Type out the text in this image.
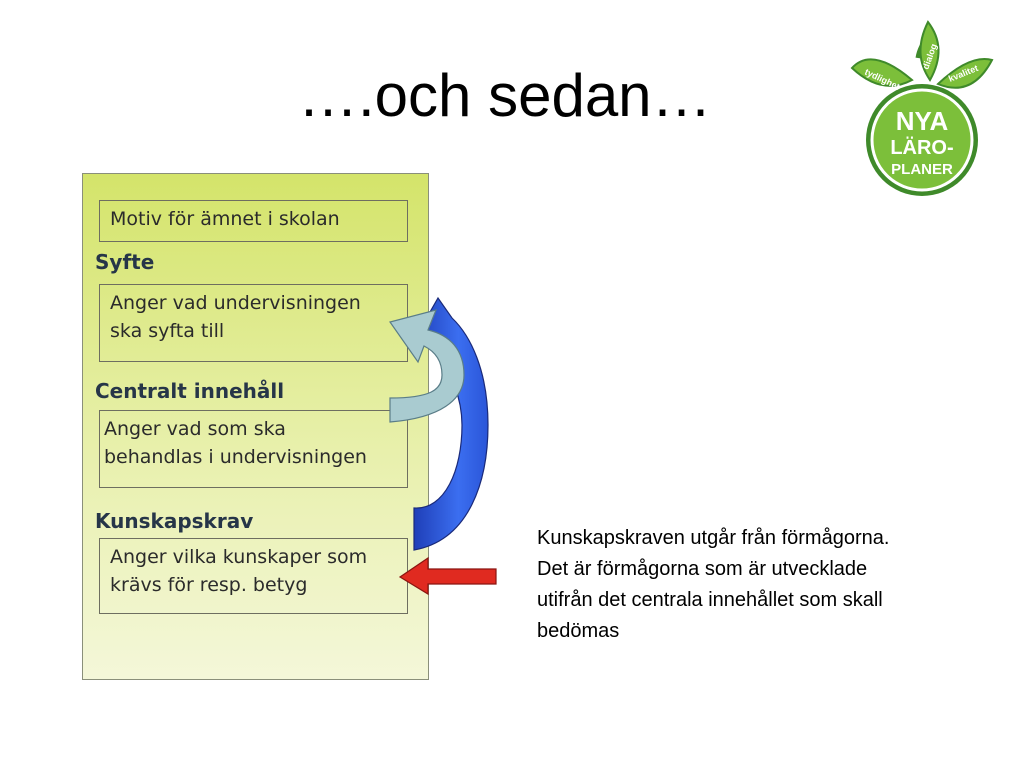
….och sedan…
Motiv för ämnet i skolan
Syfte
Anger vad undervisningen
ska syfta till
Centralt innehåll
Anger vad som ska
behandlas i undervisningen
Kunskapskrav
Anger vilka kunskaper som
krävs för resp. betyg
Kunskapskraven utgår från förmågorna.
Det är förmågorna som är utvecklade
utifrån det centrala innehållet som skall
bedömas
NYA
LÄRO-
PLANER
tydlighet
dialog
kvalitet
